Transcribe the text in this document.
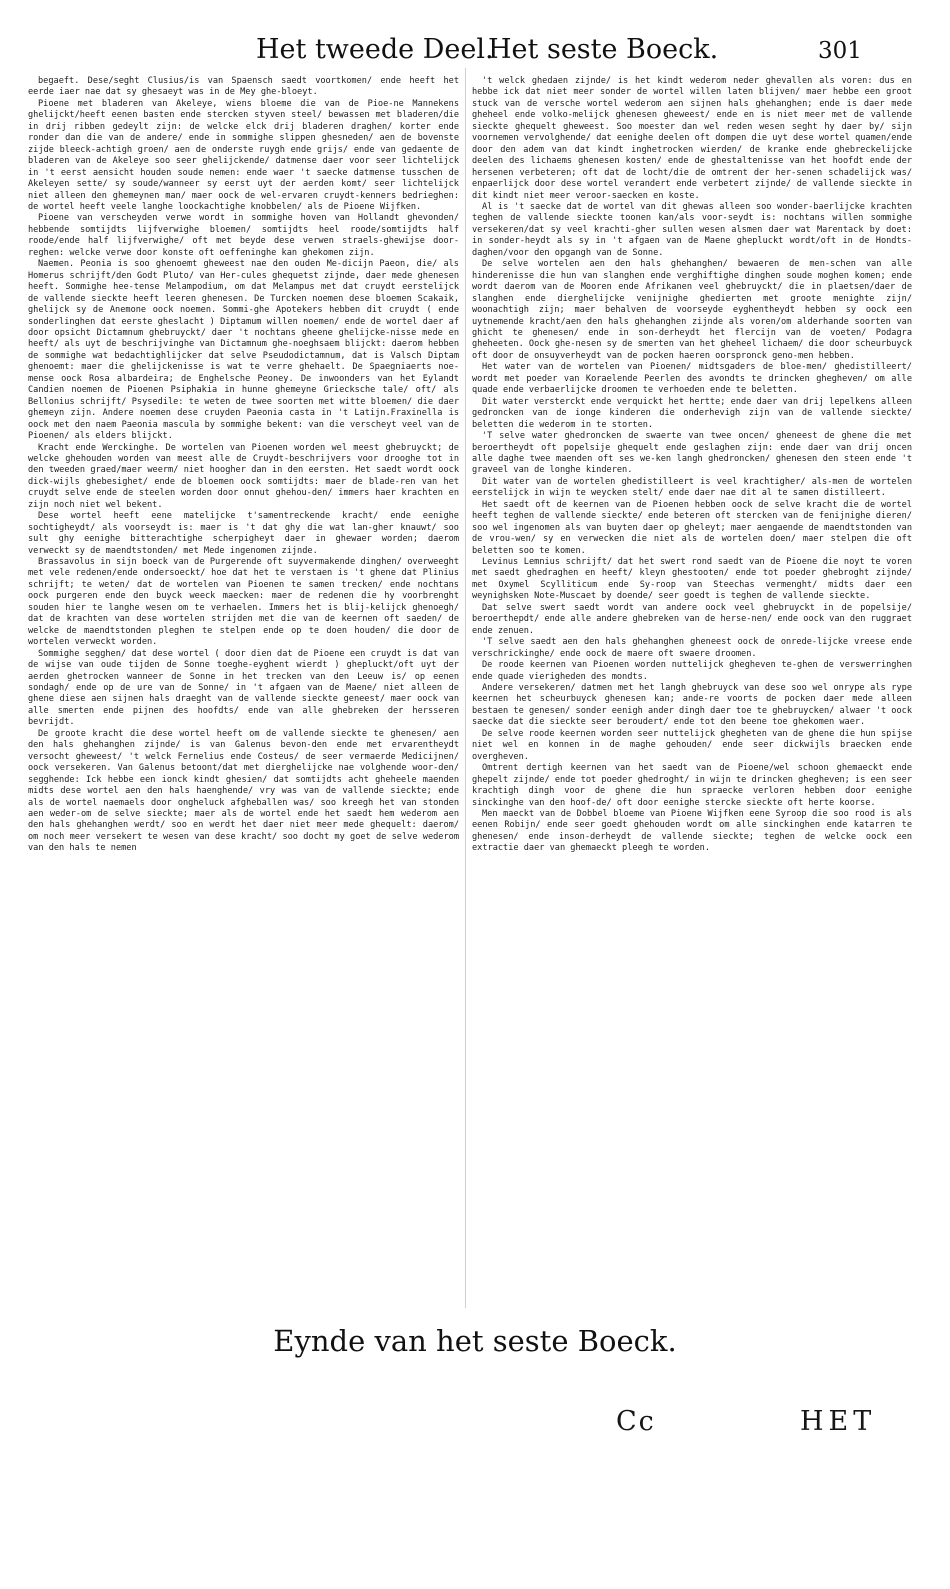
Het tweede Deel.
Het seste Boeck.	301

begaeft. Dese/seght Clusius/is van Spaensch saedt voortkomen/ ende heeft het eerde iaer nae dat sy ghesaeyt was in de Mey ghe-bloeyt.

Pioene met bladeren van Akeleye, wiens bloeme die van de Pioe-ne Mannekens ghelijckt/heeft eenen basten ende stercken styven steel/ bewassen met bladeren/die in drij ribben gedeylt zijn: de welcke elck drij bladeren draghen/ korter ende ronder dan die van de andere/ ende in sommighe slippen ghesneden/ aen de bovenste zijde bleeck-achtigh groen/ aen de onderste ruygh ende grijs/ ende van gedaente de bladeren van de Akeleye soo seer ghelijckende/ datmense daer voor seer lichtelijck in 't eerst aensicht houden soude nemen: ende waer 't saecke datmense tusschen de Akeleyen sette/ sy soude/wanneer sy eerst uyt der aerden komt/ seer lichtelijck niet alleen den ghemeynen man/ maer oock de wel-ervaren cruydt-kenners bedrieghen: de wortel heeft veele langhe loockachtighe knobbelen/ als de Pioene Wijfken.

Pioene van verscheyden verwe wordt in sommighe hoven van Hollandt ghevonden/ hebbende somtijdts lijfverwighe bloemen/ somtijdts heel roode/somtijdts half roode/ende half lijfverwighe/ oft met beyde dese verwen straels-ghewijse door-reghen: welcke verwe door konste oft oeffeninghe kan ghekomen zijn.

Naemen. Peonia is soo ghenoemt gheweest nae den ouden Me-dicijn Paeon, die/ als Homerus schrijft/den Godt Pluto/ van Her-cules ghequetst zijnde, daer mede ghenesen heeft. Sommighe hee-tense Melampodium, om dat Melampus met dat cruydt eerstelijck de vallende sieckte heeft leeren ghenesen. De Turcken noemen dese bloemen Scakaik, ghelijck sy de Anemone oock noemen. Sommi-ghe Apotekers hebben dit cruydt ( ende sonderlinghen dat eerste gheslacht ) Diptamum willen noemen/ ende de wortel daer af door opsicht Dictamnum ghebruyckt/ daer 't nochtans gheene ghelijcke-nisse mede en heeft/ als uyt de beschrijvinghe van Dictamnum ghe-noeghsaem blijckt: daerom hebben de sommighe wat bedachtighlijcker dat selve Pseudodictamnum, dat is Valsch Diptam ghenoemt: maer die ghelijckenisse is wat te verre ghehaelt. De Spaegniaerts noe-mense oock Rosa albardeira; de Enghelsche Peoney. De inwoonders van het Eylandt Candien noemen de Pioenen Psiphakia in hunne ghemeyne Griecksche tale/ oft/ als Bellonius schrijft/ Psysedile: te weten de twee soorten met witte bloemen/ die daer ghemeyn zijn. Andere noemen dese cruyden Paeonia casta in 't Latijn.Fraxinella is oock met den naem Paeonia mascula by sommighe bekent: van die verscheyt veel van de Pioenen/ als elders blijckt.

Kracht ende Werckinghe. De wortelen van Pioenen worden wel meest ghebruyckt; de welcke ghehouden worden van meest alle de Cruydt-beschrijvers voor drooghe tot in den tweeden graed/maer weerm/ niet hoogher dan in den eersten. Het saedt wordt oock dick-wijls ghebesighet/ ende de bloemen oock somtijdts: maer de blade-ren van het cruydt selve ende de steelen worden door onnut ghehou-den/ immers haer krachten en zijn noch niet wel bekent.

Dese wortel heeft eene matelijcke t'samentreckende kracht/ ende eenighe sochtigheydt/ als voorseydt is: maer is 't dat ghy die wat lan-gher knauwt/ soo sult ghy eenighe bitterachtighe scherpigheyt daer in ghewaer worden; daerom verweckt sy de maendtstonden/ met Mede ingenomen zijnde.

Brassavolus in sijn boeck van de Purgerende oft suyvermakende dinghen/ overweeght met vele redenen/ende ondersoeckt/ hoe dat het te verstaen is 't ghene dat Plinius schrijft; te weten/ dat de wortelen van Pioenen te samen trecken/ ende nochtans oock purgeren ende den buyck weeck maecken: maer de redenen die hy voorbrenght souden hier te langhe wesen om te verhaelen. Immers het is blij-kelijck ghenoegh/ dat de krachten van dese wortelen strijden met die van de keernen oft saeden/ de welcke de maendtstonden pleghen te stelpen ende op te doen houden/ die door de wortelen verweckt worden.

Sommighe segghen/ dat dese wortel ( door dien dat de Pioene een cruydt is dat van de wijse van oude tijden de Sonne toeghe-eyghent wierdt ) ghepluckt/oft uyt der aerden ghetrocken wanneer de Sonne in het trecken van den Leeuw is/ op eenen sondagh/ ende op de ure van de Sonne/ in 't afgaen van de Maene/ niet alleen de ghene diese aen sijnen hals draeght van de vallende sieckte geneest/ maer oock van alle smerten ende pijnen des hoofdts/ ende van alle ghebreken der hersseren bevrijdt.

De groote kracht die dese wortel heeft om de vallende sieckte te ghenesen/ aen den hals ghehanghen zijnde/ is van Galenus bevon-den ende met ervarentheydt versocht gheweest/ 't welck Fernelius ende Costeus/ de seer vermaerde Medicijnen/ oock versekeren. Van Galenus betoont/dat met dierghelijcke nae volghende woor-den/ segghende: Ick hebbe een ionck kindt ghesien/ dat somtijdts acht gheheele maenden midts dese wortel aen den hals haenghende/ vry was van de vallende sieckte; ende als de wortel naemaels door ongheluck afgheballen was/ soo kreegh het van stonden aen weder-om de selve sieckte; maer als de wortel ende het saedt hem wederom aen den hals ghehanghen werdt/ soo en werdt het daer niet meer mede ghequelt: daerom/ om noch meer versekert te wesen van dese kracht/ soo docht my goet de selve wederom van den hals te nemen

't welck ghedaen zijnde/ is het kindt wederom neder ghevallen als voren: dus en hebbe ick dat niet meer sonder de wortel willen laten blijven/ maer hebbe een groot stuck van de versche wortel wederom aen sijnen hals ghehanghen; ende is daer mede gheheel ende volko-melijck ghenesen gheweest/ ende en is niet meer met de vallende sieckte ghequelt gheweest. Soo moester dan wel reden wesen seght hy daer by/ sijn voornemen vervolghende/ dat eenighe deelen oft dompen die uyt dese wortel quamen/ende door den adem van dat kindt inghetrocken wierden/ de kranke ende ghebreckelijcke deelen des lichaems ghenesen kosten/ ende de ghestaltenisse van het hoofdt ende der hersenen verbeteren; oft dat de locht/die de omtrent der her-senen schadelijck was/ enpaerlijck door dese wortel verandert ende verbetert zijnde/ de vallende sieckte in dit kindt niet meer veroor-saecken en koste.

Al is 't saecke dat de wortel van dit ghewas alleen soo wonder-baerlijcke krachten teghen de vallende sieckte toonen kan/als voor-seydt is: nochtans willen sommighe versekeren/dat sy veel krachti-gher sullen wesen alsmen daer wat Marentack by doet: in sonder-heydt als sy in 't afgaen van de Maene ghepluckt wordt/oft in de Hondts-daghen/voor den opgangh van de Sonne.

De selve wortelen aen den hals ghehanghen/ bewaeren de men-schen van alle hinderenisse die hun van slanghen ende verghiftighe dinghen soude moghen komen; ende wordt daerom van de Mooren ende Afrikanen veel ghebruyckt/ die in plaetsen/daer de slanghen ende dierghelijcke venijnighe ghedierten met groote menighte zijn/ woonachtigh zijn; maer behalven de voorseyde eyghentheydt hebben sy oock een uytnemende kracht/aen den hals ghehanghen zijnde als voren/om alderhande soorten van ghicht te ghenesen/ ende in son-derheydt het flercijn van de voeten/ Podagra gheheeten. Oock ghe-nesen sy de smerten van het gheheel lichaem/ die door scheurbuyck oft door de onsuyverheydt van de pocken haeren oorspronck geno-men hebben.

Het water van de wortelen van Pioenen/ midtsgaders de bloe-men/ ghedistilleert/ wordt met poeder van Koraelende Peerlen des avondts te drincken ghegheven/ om alle quade ende verbaerlijcke droomen te verhoeden ende te beletten.

Dit water versterckt ende verquickt het hertte; ende daer van drij lepelkens alleen gedroncken van de ionge kinderen die onderhevigh zijn van de vallende sieckte/ beletten die wederom in te storten.

'T selve water ghedroncken de swaerte van twee oncen/ gheneest de ghene die met beroertheydt oft popelsije ghequelt ende geslaghen zijn: ende daer van drij oncen alle daghe twee maenden oft ses we-ken langh ghedroncken/ ghenesen den steen ende 't graveel van de longhe kinderen.

Dit water van de wortelen ghedistilleert is veel krachtigher/ als-men de wortelen eerstelijck in wijn te weycken stelt/ ende daer nae dit al te samen distilleert.

Het saedt oft de keernen van de Pioenen hebben oock de selve kracht die de wortel heeft teghen de vallende sieckte/ ende beteren oft stercken van de fenijnighe dieren/ soo wel ingenomen als van buyten daer op gheleyt; maer aengaende de maendtstonden van de vrou-wen/ sy en verwecken die niet als de wortelen doen/ maer stelpen die oft beletten soo te komen.

Levinus Lemnius schrijft/ dat het swert rond saedt van de Pioene die noyt te voren met saedt ghedraghen en heeft/ kleyn ghestooten/ ende tot poeder ghebroght zijnde/ met Oxymel Scylliticum ende Sy-roop van Steechas vermenght/ midts daer een weynighsken Note-Muscaet by doende/ seer goedt is teghen de vallende sieckte.

Dat selve swert saedt wordt van andere oock veel ghebruyckt in de popelsije/ beroerthepdt/ ende alle andere ghebreken van de herse-nen/ ende oock van den ruggraet ende zenuen.

'T selve saedt aen den hals ghehanghen gheneest oock de onrede-lijcke vreese ende verschrickinghe/ ende oock de maere oft swaere droomen.

De roode keernen van Pioenen worden nuttelijck ghegheven te-ghen de verswerringhen ende quade vierigheden des mondts.

Andere versekeren/ datmen met het langh ghebruyck van dese soo wel onrype als rype keernen het scheurbuyck ghenesen kan; ande-re voorts de pocken daer mede alleen bestaen te genesen/ sonder eenigh ander dingh daer toe te ghebruycken/ alwaer 't oock saecke dat die sieckte seer beroudert/ ende tot den beene toe ghekomen waer.

De selve roode keernen worden seer nuttelijck ghegheten van de ghene die hun spijse niet wel en konnen in de maghe gehouden/ ende seer dickwijls braecken ende overgheven.

Omtrent dertigh keernen van het saedt van de Pioene/wel schoon ghemaeckt ende ghepelt zijnde/ ende tot poeder ghedroght/ in wijn te drincken ghegheven; is een seer krachtigh dingh voor de ghene die hun spraecke verloren hebben door eenighe sinckinghe van den hoof-de/ oft door eenighe stercke sieckte oft herte koorse.

Men maeckt van de Dobbel bloeme van Pioene Wijfken eene Syroop die soo rood is als eenen Robijn/ ende seer goedt ghehouden wordt om alle sinckinghen ende katarren te ghenesen/ ende inson-derheydt de vallende sieckte; teghen de welcke oock een extractie daer van ghemaeckt pleegh te worden.

Eynde van het seste Boeck.
Cc	HET
